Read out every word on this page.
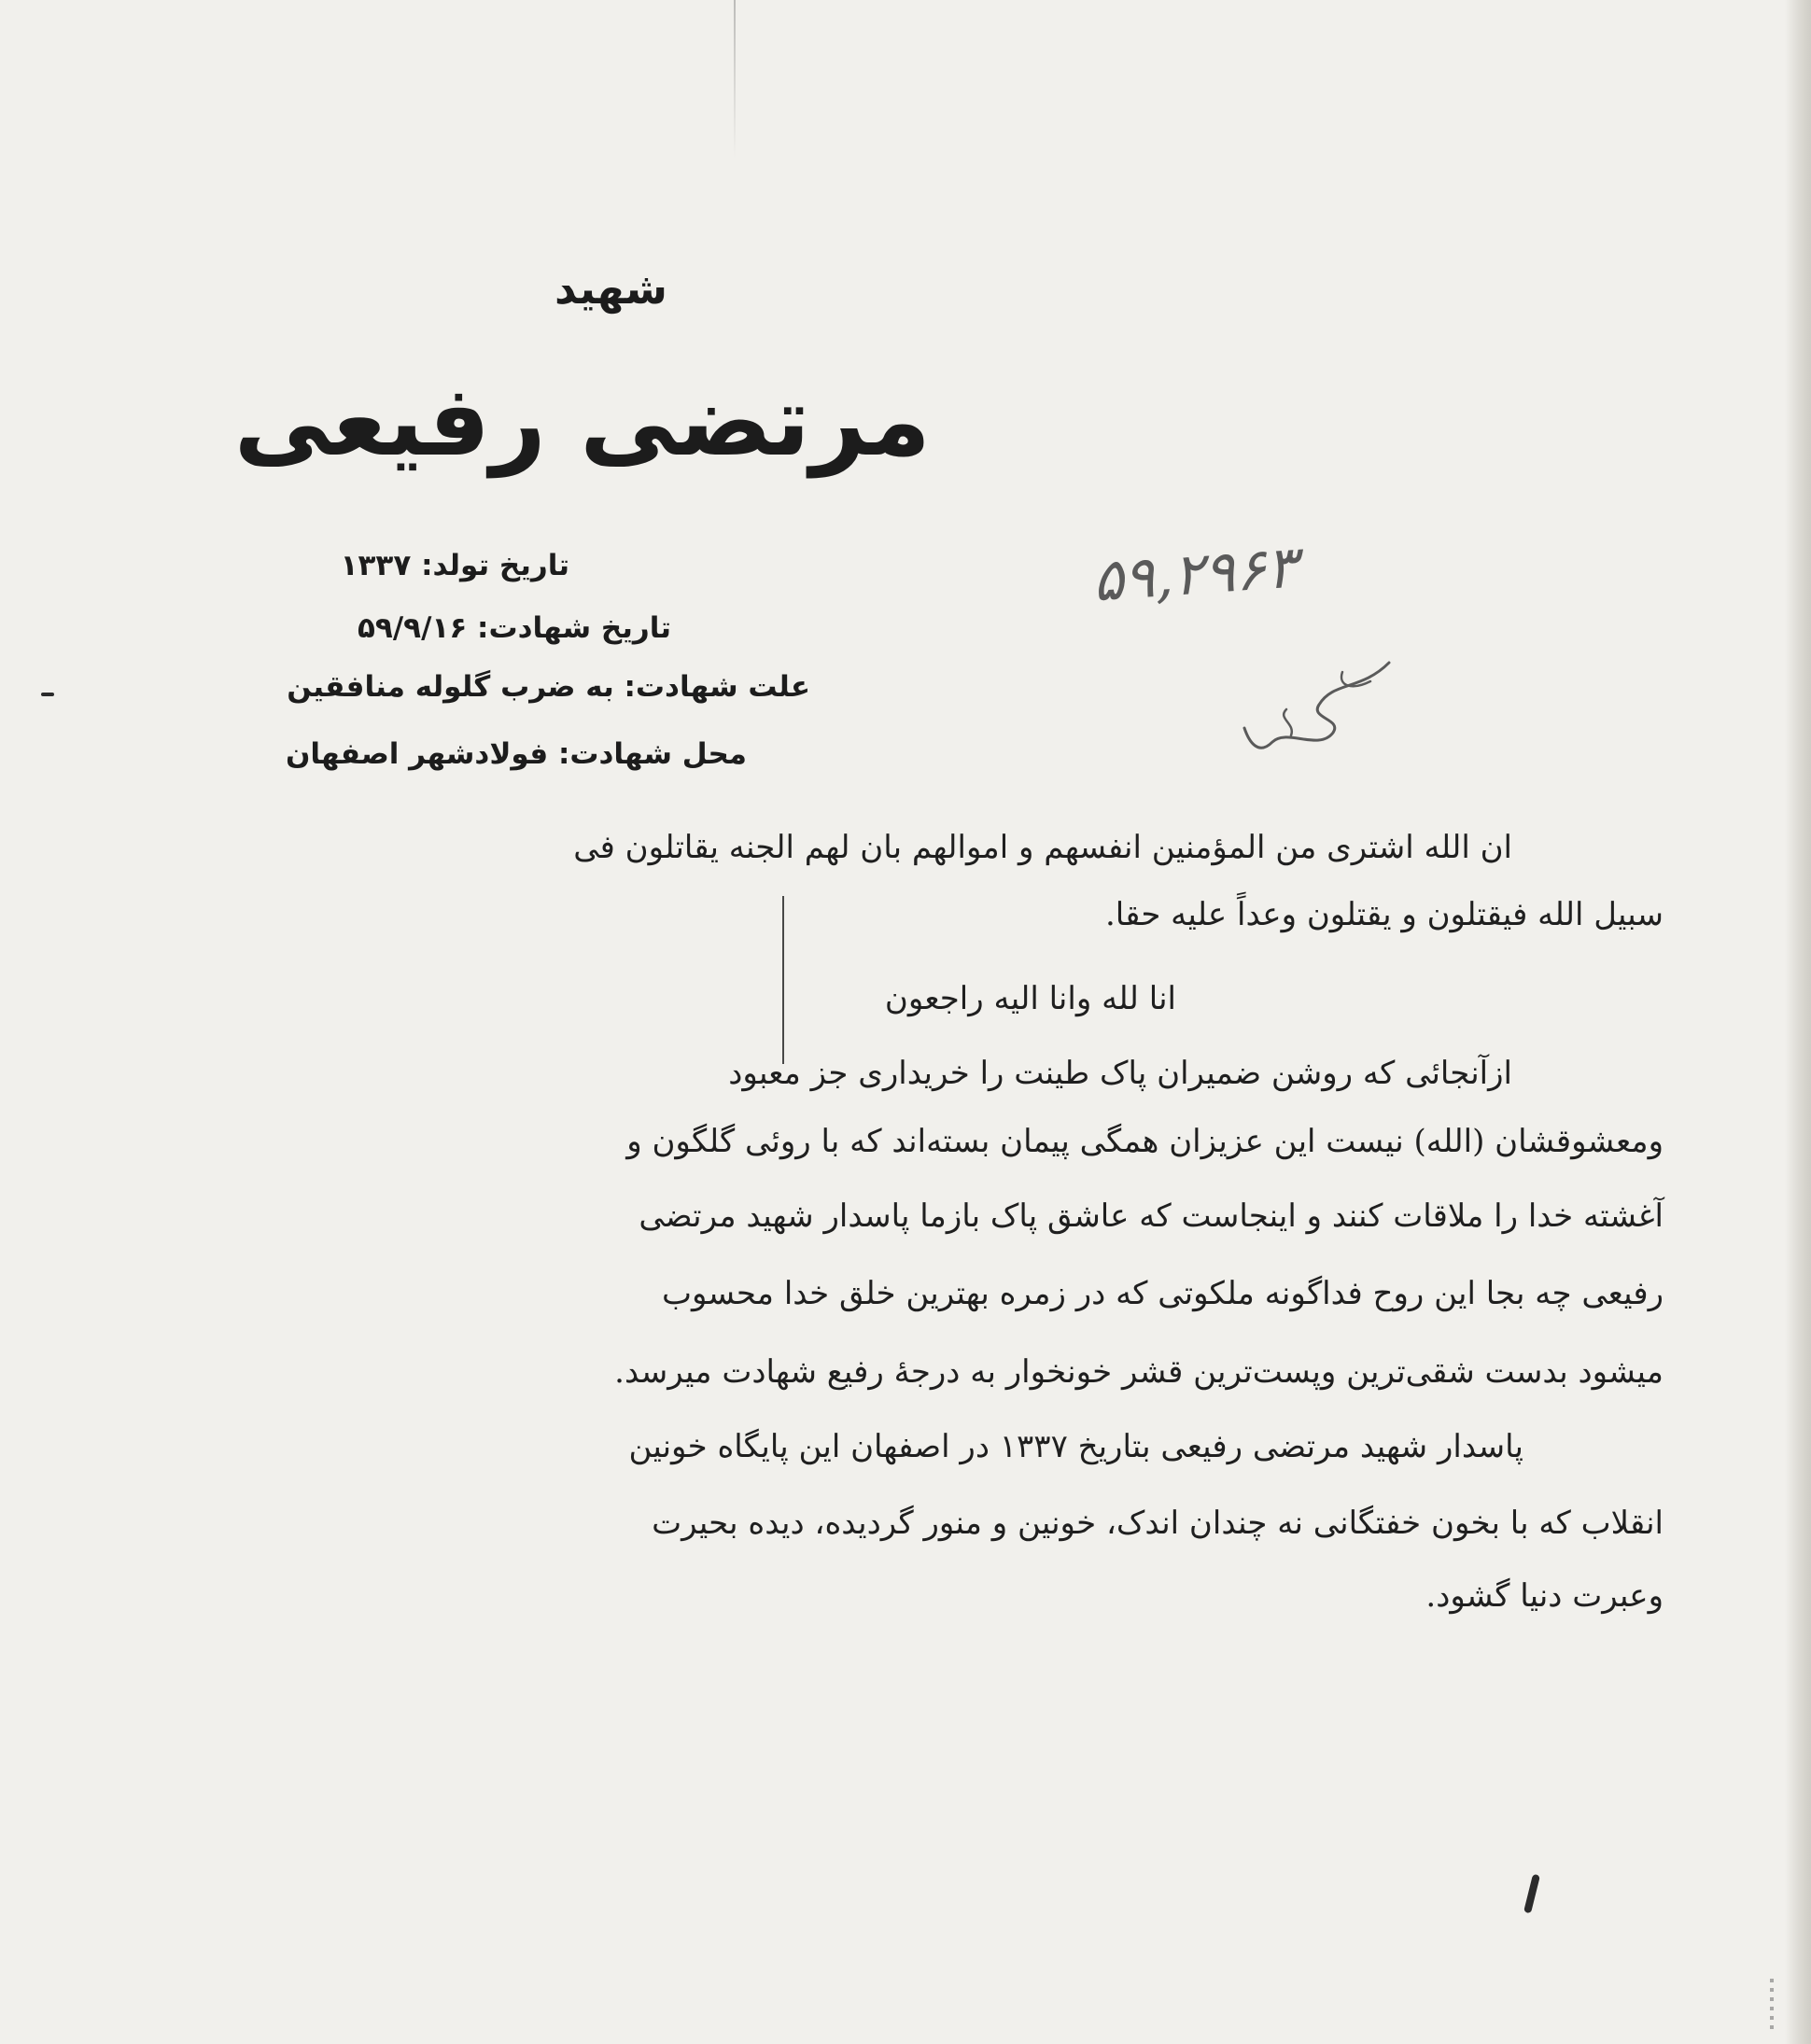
شهید
مرتضی رفیعی
تاریخ تولد: ۱۳۳۷
تاریخ شهادت: ۵۹/۹/۱۶
علت شهادت: به ضرب گلوله منافقین
محل شهادت: فولادشهر اصفهان
۵۹,۲۹۶۳
ان الله اشتری من المؤمنین انفسهم و اموالهم بان لهم الجنه یقاتلون فی
سبیل الله فیقتلون و یقتلون وعداً علیه حقا.
انا لله وانا الیه راجعون
ازآنجائی که روشن ضمیران پاک طینت را خریداری جز معبود
ومعشوقشان (الله) نیست این عزیزان همگی پیمان بسته‌اند که با روئی گلگون و
آغشته خدا را ملاقات کنند و اینجاست که عاشق پاک بازما پاسدار شهید مرتضی
رفیعی چه بجا این روح فداگونه ملکوتی که در زمره بهترین خلق خدا محسوب
میشود بدست شقی‌ترین وپست‌ترین قشر خونخوار به درجهٔ رفیع شهادت میرسد.
پاسدار شهید مرتضی رفیعی بتاریخ ۱۳۳۷ در اصفهان این پایگاه خونین
انقلاب که با بخون خفتگانی نه چندان اندک، خونین و منور گردیده، دیده بحیرت
وعبرت دنیا گشود.
